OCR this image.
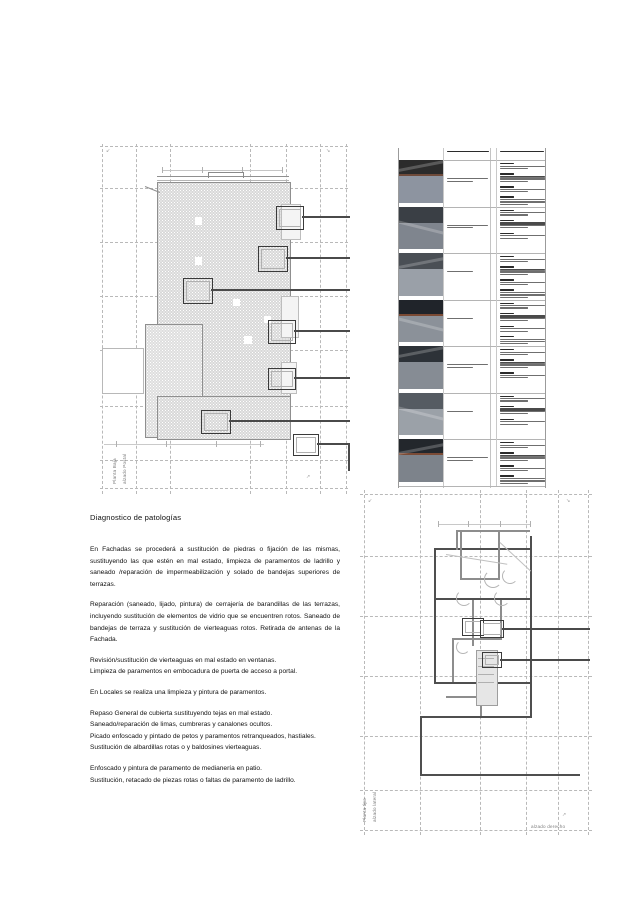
↙	↘
↗
Planta Baja alzado Postal
Diagnostico de patologías

En Fachadas se procederá a sustitución de piedras o fijación de las mismas, sustituyendo las que estén en mal estado, limpieza de paramentos de ladrillo y saneado /reparación de impermeabilización y solado de bandejas superiores de terrazas.

Reparación (saneado, lijado, pintura) de cerrajería de barandillas de las terrazas, incluyendo sustitución de elementos de vidrio que se encuentren rotos. Saneado de bandejas de terraza y sustitución de vierteaguas rotos. Retirada de antenas de la Fachada.

Revisión/sustitución de vierteaguas en mal estado en ventanas.

Limpieza de paramentos en embocadura de puerta de acceso a portal.

En Locales se realiza una limpieza y pintura de paramentos.

Repaso General de cubierta sustituyendo tejas en mal estado.

Saneado/reparación de limas, cumbreras y canalones ocultos.

Picado enfoscado y pintado de petos y paramentos retranqueados, hastiales.

Sustitución de albardillas rotas o y baldosines vierteaguas.

Enfoscado y pintura de paramento de medianería en patio.

Sustitución, retacado de piezas rotas o faltas de paramento de ladrillo.

↙	↘
↗
Planta tipo alzado lateral
alzado derecho
